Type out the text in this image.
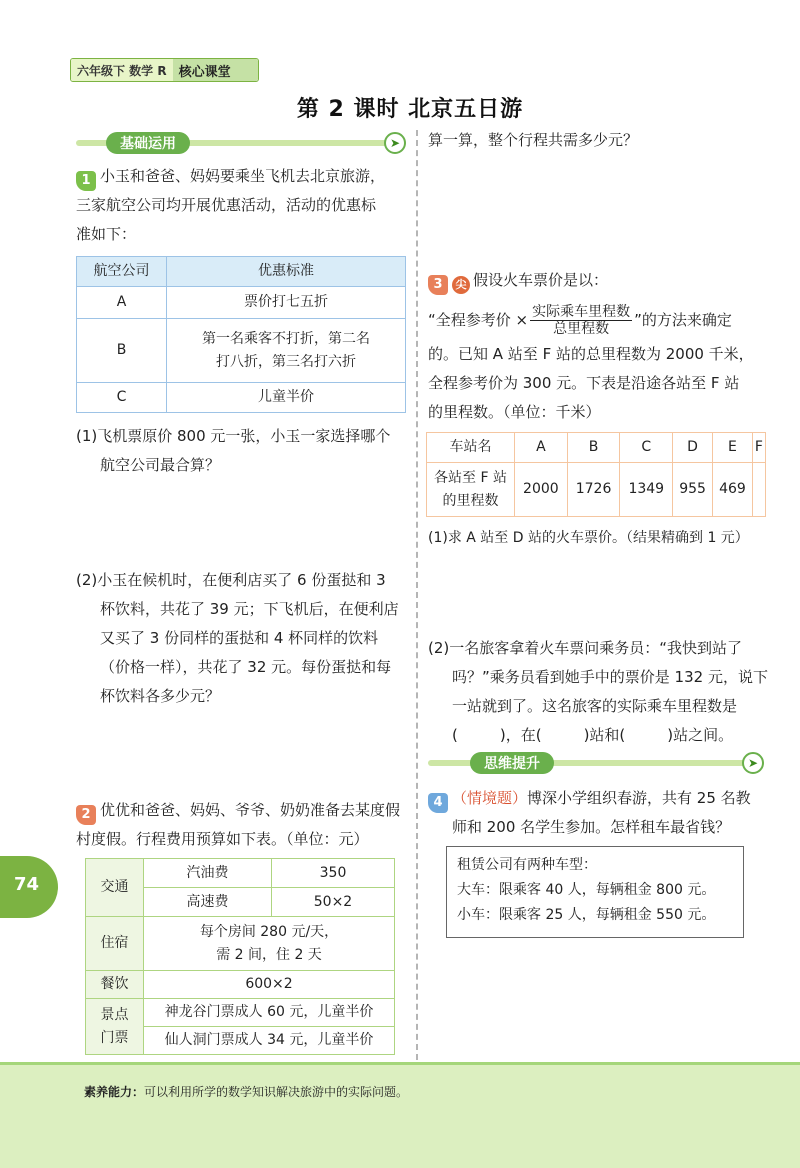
六年级下 数学 R 核心课堂
第 2 课时 北京五日游
基础运用	➤
1 小玉和爸爸、妈妈要乘坐飞机去北京旅游，
三家航空公司均开展优惠活动，活动的优惠标
准如下：
航空公司	优惠标准
A	票价打七五折
B	第一名乘客不打折，第二名
打八折，第三名打六折

C	儿童半价
(1)飞机票原价 800 元一张，小玉一家选择哪个
航空公司最合算？
(2)小玉在候机时，在便利店买了 6 份蛋挞和 3
杯饮料，共花了 39 元；下飞机后，在便利店
又买了 3 份同样的蛋挞和 4 杯同样的饮料
（价格一样），共花了 32 元。每份蛋挞和每
杯饮料各多少元？
2 优优和爸爸、妈妈、爷爷、奶奶准备去某度假
村度假。行程费用预算如下表。（单位：元）
交通	汽油费	350
	高速费	50×2
住宿	每个房间 280 元/天，
需 2 间，住 2 天	

餐饮	600×2	

景点
门票	神龙谷门票成人 60 元，儿童半价	
	仙人洞门票成人 34 元，儿童半价	
74
算一算，整个行程共需多少元？
3 尖 假设火车票价是以：
“全程参考价 × $\frac{\text{实际乘车里程数}}{\text{总里程数}}$ ”的方法来确定
的。已知 A 站至 F 站的总里程数为 2000 千米，
全程参考价为 300 元。下表是沿途各站至 F 站
的里程数。（单位：千米）
车站名	A	B	C	D	E	F

各站至 F 站
的里程数	2000	1726	1349	955	469	
(1)求 A 站至 D 站的火车票价。（结果精确到 1 元）
(2)一名旅客拿着火车票问乘务员：“我快到站了
吗？”乘务员看到她手中的票价是 132 元，说下
一站就到了。这名旅客的实际乘车里程数是
(	)，在(	)站和(	)站之间。
思维提升	➤
4 （情境题）博深小学组织春游，共有 25 名教
师和 200 名学生参加。怎样租车最省钱？
租赁公司有两种车型：
大车：限乘客 40 人，每辆租金 800 元。
小车：限乘客 25 人，每辆租金 550 元。
素养能力：可以利用所学的数学知识解决旅游中的实际问题。
